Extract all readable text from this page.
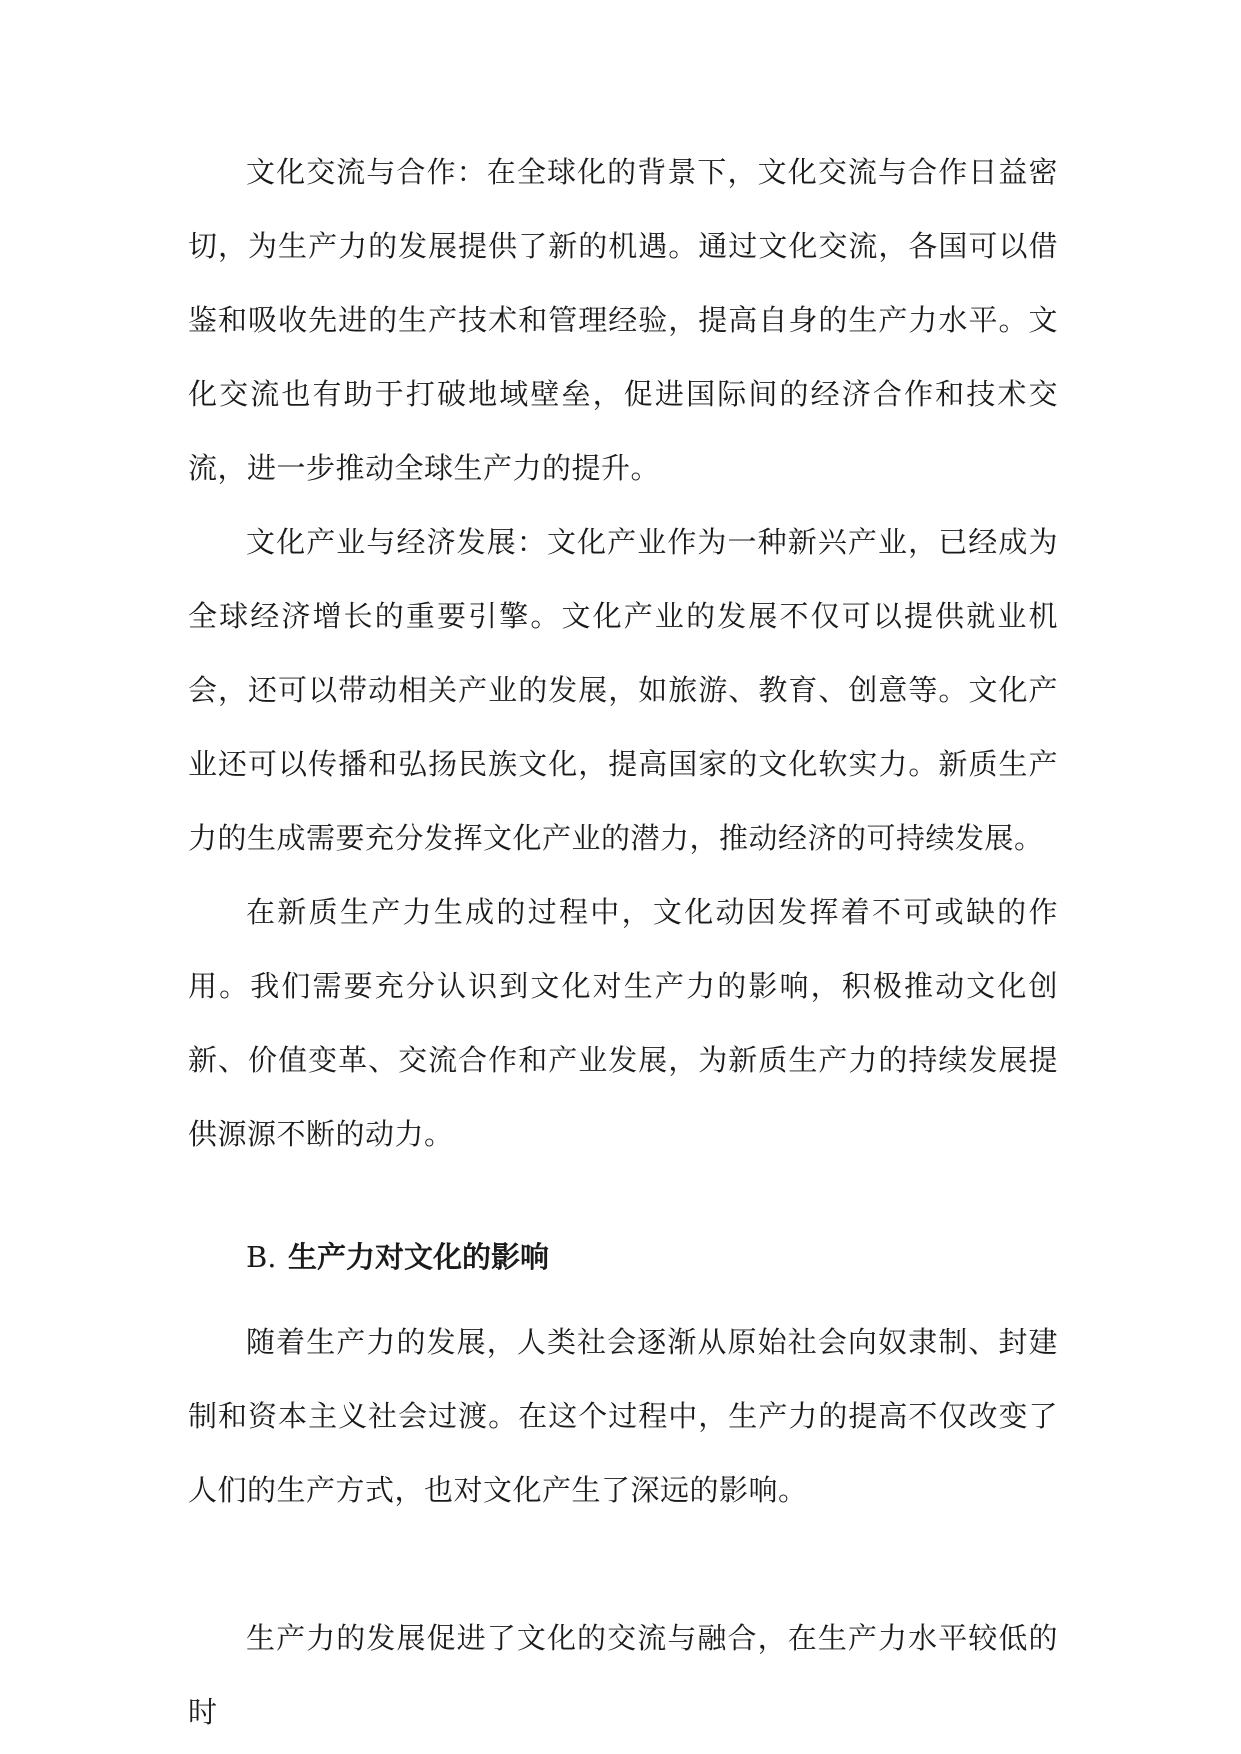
文化交流与合作：在全球化的背景下，文化交流与合作日益密切，为生产力的发展提供了新的机遇。通过文化交流，各国可以借鉴和吸收先进的生产技术和管理经验，提高自身的生产力水平。文化交流也有助于打破地域壁垒，促进国际间的经济合作和技术交流，进一步推动全球生产力的提升。

文化产业与经济发展：文化产业作为一种新兴产业，已经成为全球经济增长的重要引擎。文化产业的发展不仅可以提供就业机会，还可以带动相关产业的发展，如旅游、教育、创意等。文化产业还可以传播和弘扬民族文化，提高国家的文化软实力。新质生产力的生成需要充分发挥文化产业的潜力，推动经济的可持续发展。

在新质生产力生成的过程中，文化动因发挥着不可或缺的作用。我们需要充分认识到文化对生产力的影响，积极推动文化创新、价值变革、交流合作和产业发展，为新质生产力的持续发展提供源源不断的动力。

B. 生产力对文化的影响

随着生产力的发展，人类社会逐渐从原始社会向奴隶制、封建制和资本主义社会过渡。在这个过程中，生产力的提高不仅改变了人们的生产方式，也对文化产生了深远的影响。

生产力的发展促进了文化的交流与融合，在生产力水平较低的时
